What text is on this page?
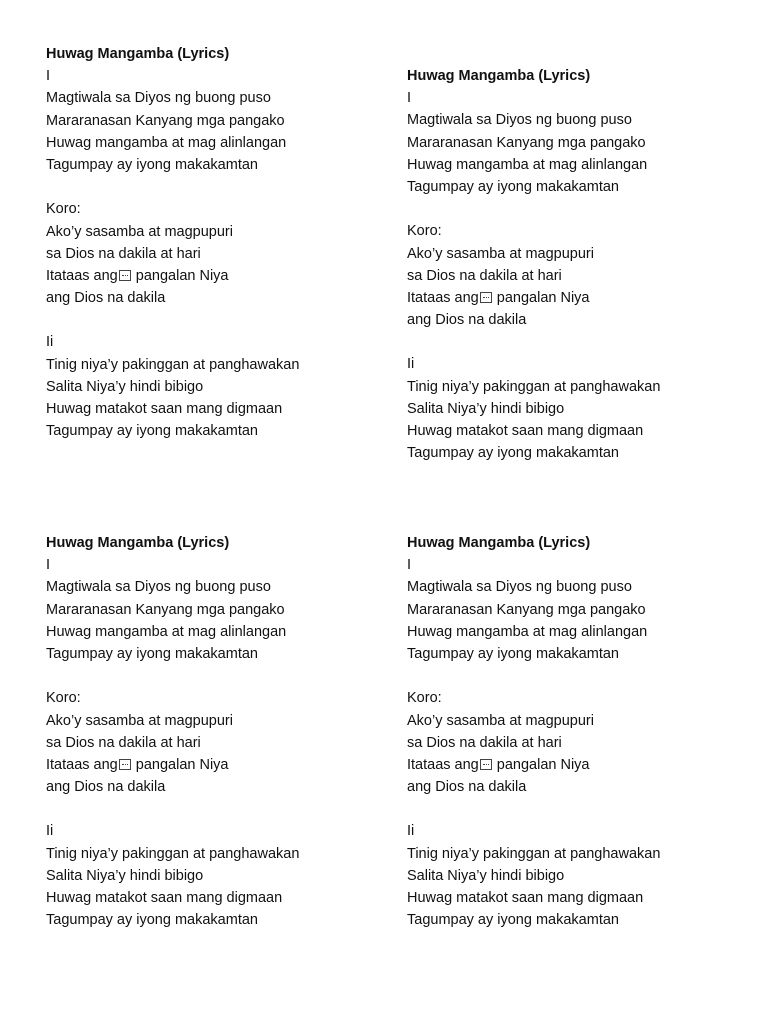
Huwag Mangamba (Lyrics)
I
Magtiwala sa Diyos ng buong puso
Mararanasan Kanyang mga pangako
Huwag mangamba at mag alinlangan
Tagumpay ay iyong makakamtan
Koro:
Ako’y sasamba at magpupuri
sa Dios na dakila at hari
Itataas ang pangalan Niya
ang Dios na dakila
Ii
Tinig niya’y pakinggan at panghawakan
Salita Niya’y hindi bibigo
Huwag matakot saan mang digmaan
Tagumpay ay iyong makakamtan
Huwag Mangamba (Lyrics)
I
Magtiwala sa Diyos ng buong puso
Mararanasan Kanyang mga pangako
Huwag mangamba at mag alinlangan
Tagumpay ay iyong makakamtan
Koro:
Ako’y sasamba at magpupuri
sa Dios na dakila at hari
Itataas ang pangalan Niya
ang Dios na dakila
Ii
Tinig niya’y pakinggan at panghawakan
Salita Niya’y hindi bibigo
Huwag matakot saan mang digmaan
Tagumpay ay iyong makakamtan
Huwag Mangamba (Lyrics)
I
Magtiwala sa Diyos ng buong puso
Mararanasan Kanyang mga pangako
Huwag mangamba at mag alinlangan
Tagumpay ay iyong makakamtan
Koro:
Ako’y sasamba at magpupuri
sa Dios na dakila at hari
Itataas ang pangalan Niya
ang Dios na dakila
Ii
Tinig niya’y pakinggan at panghawakan
Salita Niya’y hindi bibigo
Huwag matakot saan mang digmaan
Tagumpay ay iyong makakamtan
Huwag Mangamba (Lyrics)
I
Magtiwala sa Diyos ng buong puso
Mararanasan Kanyang mga pangako
Huwag mangamba at mag alinlangan
Tagumpay ay iyong makakamtan
Koro:
Ako’y sasamba at magpupuri
sa Dios na dakila at hari
Itataas ang pangalan Niya
ang Dios na dakila
Ii
Tinig niya’y pakinggan at panghawakan
Salita Niya’y hindi bibigo
Huwag matakot saan mang digmaan
Tagumpay ay iyong makakamtan
